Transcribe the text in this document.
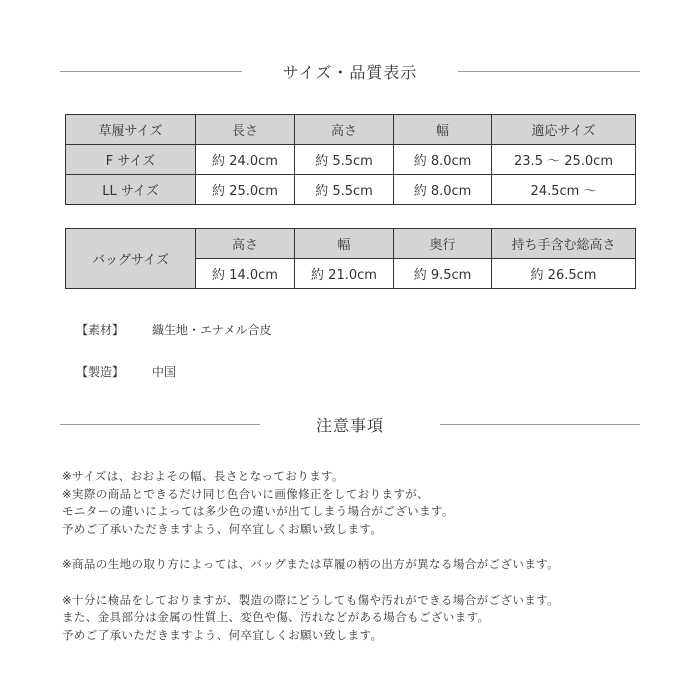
サイズ・品質表示
草履サイズ	長さ	高さ	幅	適応サイズ
F サイズ	約 24.0cm	約 5.5cm	約 8.0cm	23.5 〜 25.0cm
LL サイズ	約 25.0cm	約 5.5cm	約 8.0cm	24.5cm 〜
バッグサイズ	高さ	幅	奥行	持ち手含む総高さ
	約 14.0cm	約 21.0cm	約 9.5cm	約 26.5cm
【素材】	織生地・エナメル合皮
【製造】	中国
注意事項

※サイズは、おおよその幅、長さとなっております。

※実際の商品とできるだけ同じ色合いに画像修正をしておりますが、

モニターの違いによっては多少色の違いが出てしまう場合がございます。

予めご了承いただきますよう、何卒宜しくお願い致します。

※商品の生地の取り方によっては、バッグまたは草履の柄の出方が異なる場合がございます。

※十分に検品をしておりますが、製造の際にどうしても傷や汚れができる場合がございます。

また、金具部分は金属の性質上、変色や傷、汚れなどがある場合もございます。

予めご了承いただきますよう、何卒宜しくお願い致します。
